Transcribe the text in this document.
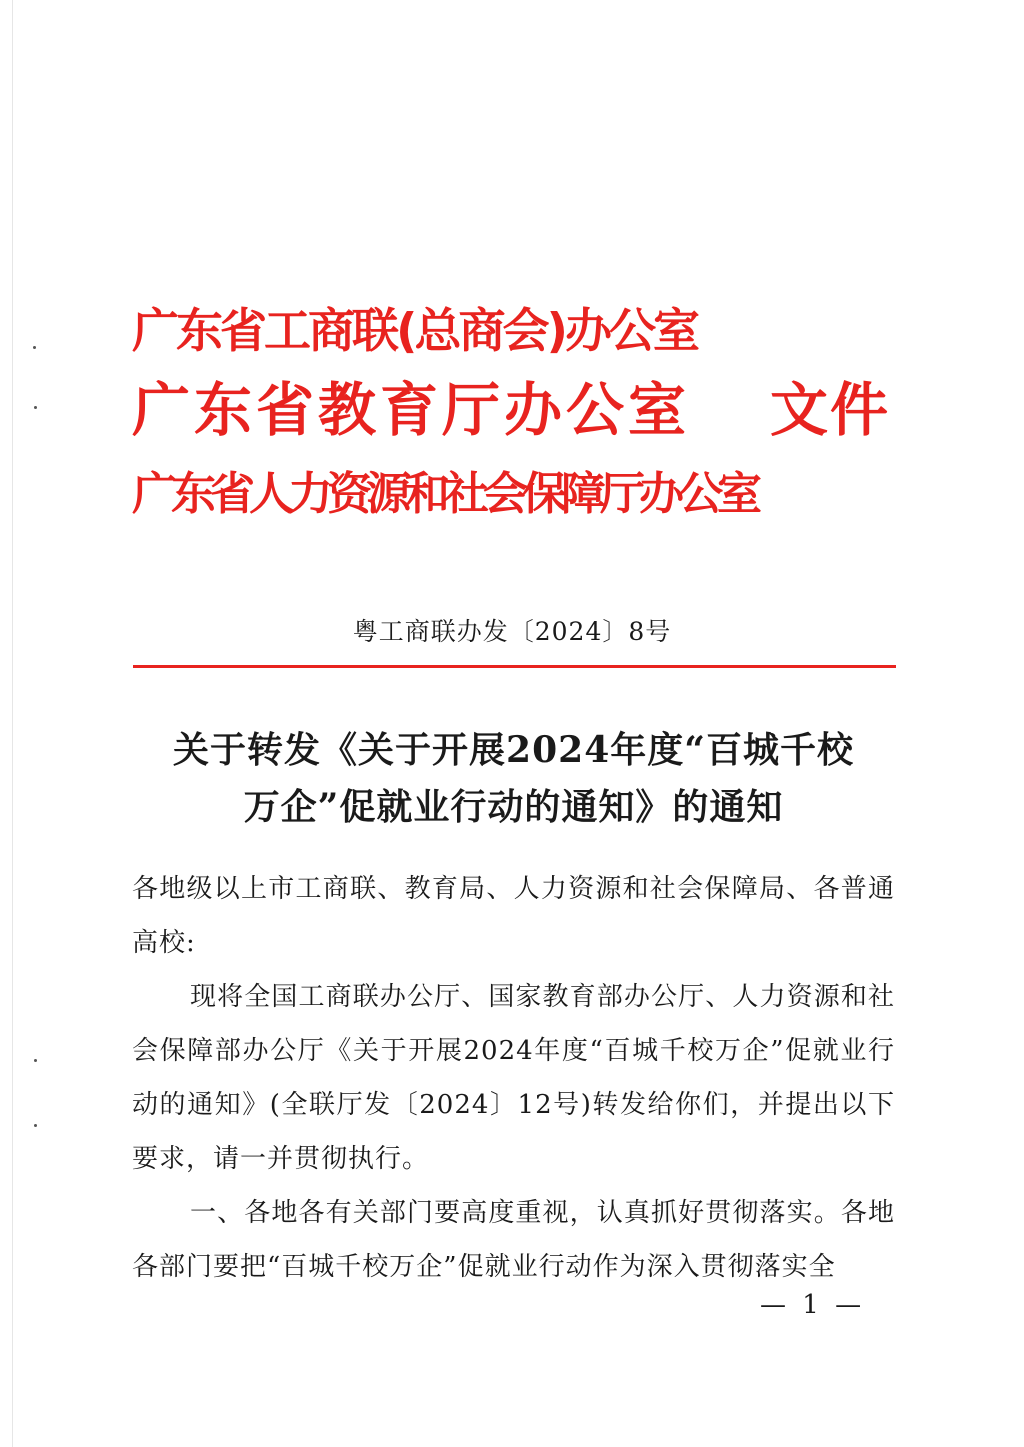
广东省工商联(总商会)办公室
广东省教育厅办公室 文件
广东省人力资源和社会保障厅办公室
粤工商联办发〔2024〕8号
关于转发《关于开展2024年度“百城千校
万企”促就业行动的通知》的通知

各地级以上市工商联、教育局、人力资源和社会保障局、各普通高校:

现将全国工商联办公厅、国家教育部办公厅、人力资源和社会保障部办公厅《关于开展2024年度“百城千校万企”促就业行动的通知》(全联厅发〔2024〕12号)转发给你们，并提出以下要求，请一并贯彻执行。

一、各地各有关部门要高度重视，认真抓好贯彻落实。各地各部门要把“百城千校万企”促就业行动作为深入贯彻落实全

— 1 —
